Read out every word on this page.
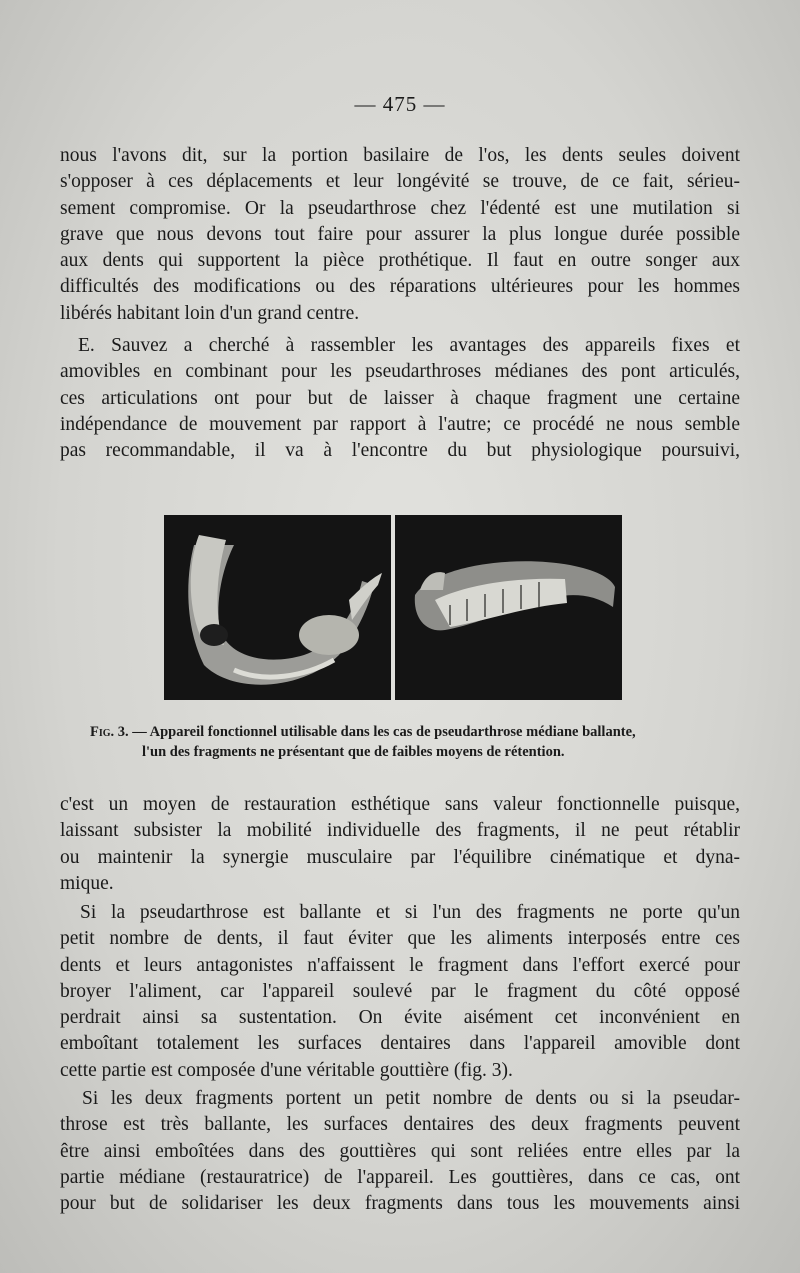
— 475 —
nous l'avons dit, sur la portion basilaire de l'os, les dents seules doivent
s'opposer à ces déplacements et leur longévité se trouve, de ce fait, sérieu-
sement compromise. Or la pseudarthrose chez l'édenté est une mutilation si
grave que nous devons tout faire pour assurer la plus longue durée possible
aux dents qui supportent la pièce prothétique. Il faut en outre songer aux
difficultés des modifications ou des réparations ultérieures pour les hommes
libérés habitant loin d'un grand centre.
E. Sauvez a cherché à rassembler les avantages des appareils fixes et
amovibles en combinant pour les pseudarthroses médianes des pont articulés,
ces articulations ont pour but de laisser à chaque fragment une certaine
indépendance de mouvement par rapport à l'autre; ce procédé ne nous semble
pas recommandable, il va à l'encontre du but physiologique poursuivi,
Fig. 3. — Appareil fonctionnel utilisable dans les cas de pseudarthrose médiane ballante,
l'un des fragments ne présentant que de faibles moyens de rétention.
c'est un moyen de restauration esthétique sans valeur fonctionnelle puisque,
laissant subsister la mobilité individuelle des fragments, il ne peut rétablir
ou maintenir la synergie musculaire par l'équilibre cinématique et dyna-
mique.
Si la pseudarthrose est ballante et si l'un des fragments ne porte qu'un
petit nombre de dents, il faut éviter que les aliments interposés entre ces
dents et leurs antagonistes n'affaissent le fragment dans l'effort exercé pour
broyer l'aliment, car l'appareil soulevé par le fragment du côté opposé
perdrait ainsi sa sustentation. On évite aisément cet inconvénient en
emboîtant totalement les surfaces dentaires dans l'appareil amovible dont
cette partie est composée d'une véritable gouttière (fig. 3).
Si les deux fragments portent un petit nombre de dents ou si la pseudar-
throse est très ballante, les surfaces dentaires des deux fragments peuvent
être ainsi emboîtées dans des gouttières qui sont reliées entre elles par la
partie médiane (restauratrice) de l'appareil. Les gouttières, dans ce cas, ont
pour but de solidariser les deux fragments dans tous les mouvements ainsi
